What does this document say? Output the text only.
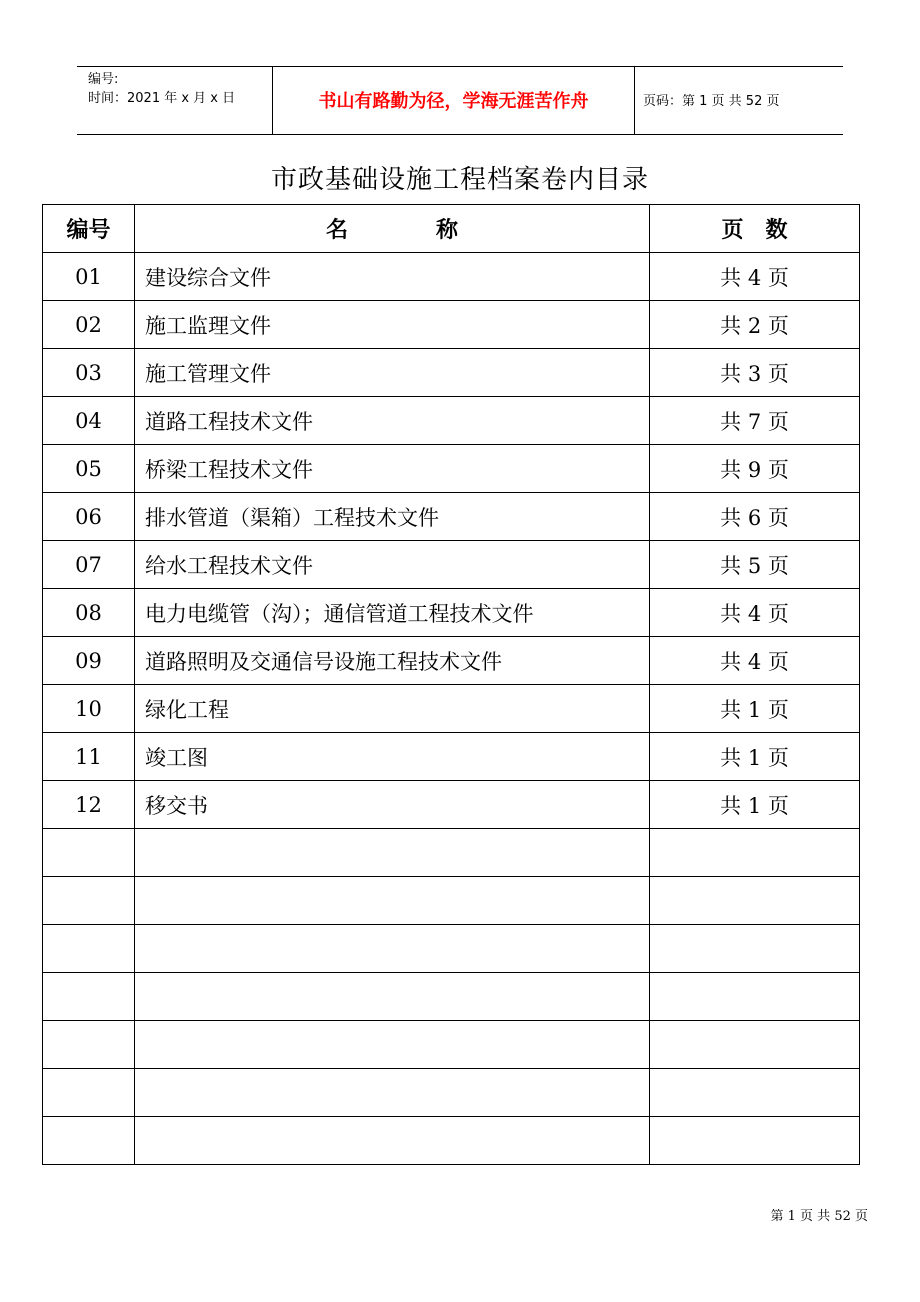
编号:
时间：2021 年 x 月 x 日	书山有路勤为径，学海无涯苦作舟	页码：第 1 页 共 52 页
市政基础设施工程档案卷内目录
编号	名　　　　称	页　数
01	建设综合文件	共 4 页
02	施工监理文件	共 2 页
03	施工管理文件	共 3 页
04	道路工程技术文件	共 7 页
05	桥梁工程技术文件	共 9 页
06	排水管道（渠箱）工程技术文件	共 6 页
07	给水工程技术文件	共 5 页
08	电力电缆管（沟）；通信管道工程技术文件	共 4 页
09	道路照明及交通信号设施工程技术文件	共 4 页
10	绿化工程	共 1 页
11	竣工图	共 1 页
12	移交书	共 1 页

第 1 页 共 52 页
